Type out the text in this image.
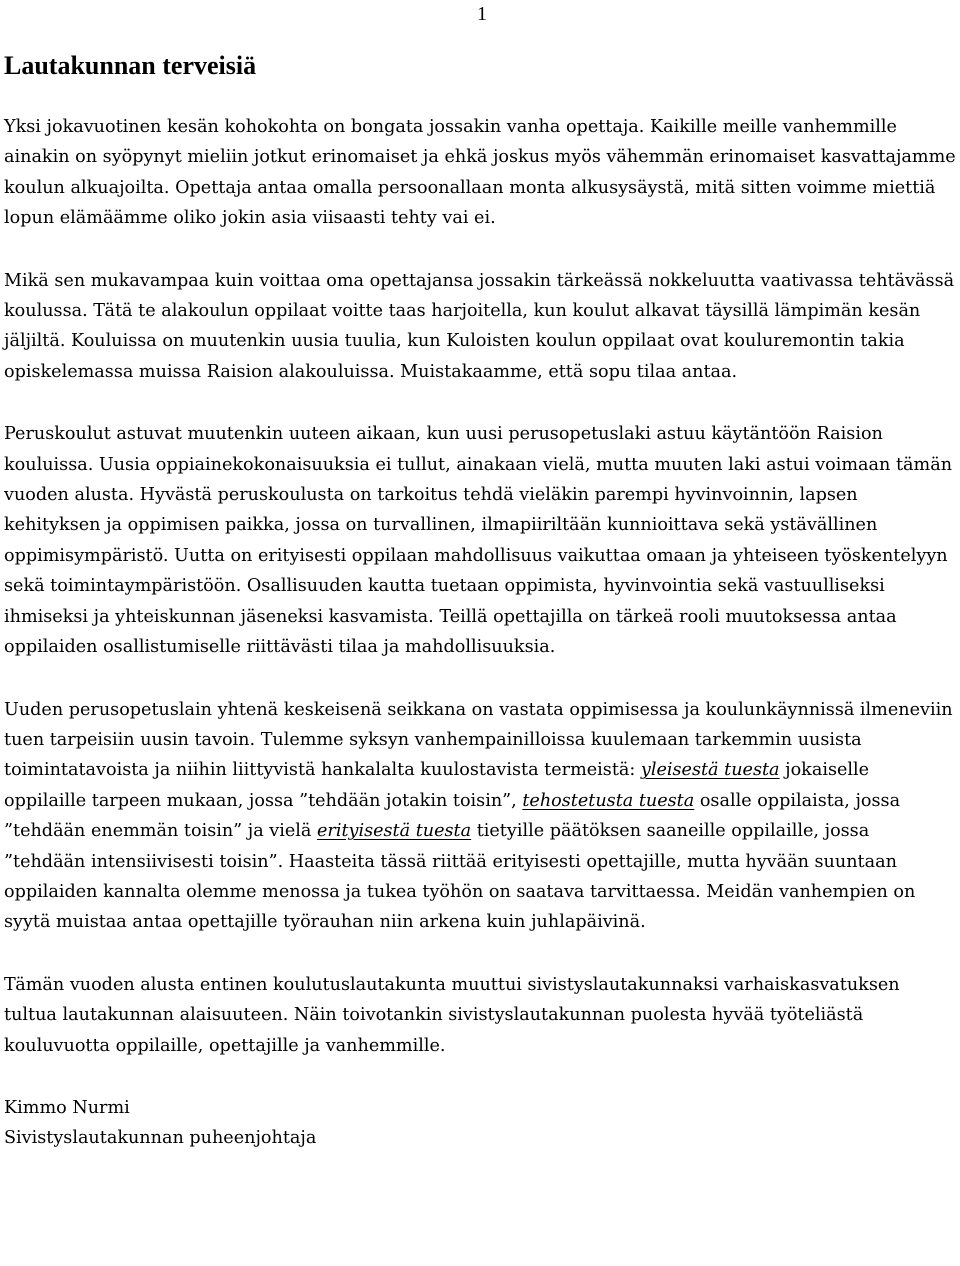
1
Lautakunnan terveisiä

Yksi jokavuotinen kesän kohokohta on bongata jossakin vanha opettaja. Kaikille meille vanhemmille ainakin on syöpynyt mieliin jotkut erinomaiset ja ehkä joskus myös vähemmän erinomaiset kasvattajamme koulun alkuajoilta. Opettaja antaa omalla persoonallaan monta alkusysäystä, mitä sitten voimme miettiä lopun elämäämme oliko jokin asia viisaasti tehty vai ei.

Mikä sen mukavampaa kuin voittaa oma opettajansa jossakin tärkeässä nokkeluutta vaativassa tehtävässä koulussa. Tätä te alakoulun oppilaat voitte taas harjoitella, kun koulut alkavat täysillä lämpimän kesän jäljiltä. Kouluissa on muutenkin uusia tuulia, kun Kuloisten koulun oppilaat ovat kouluremontin takia opiskelemassa muissa Raision alakouluissa. Muistakaamme, että sopu tilaa antaa.

Peruskoulut astuvat muutenkin uuteen aikaan, kun uusi perusopetuslaki astuu käytäntöön Raision kouluissa. Uusia oppiainekokonaisuuksia ei tullut, ainakaan vielä, mutta muuten laki astui voimaan tämän vuoden alusta. Hyvästä peruskoulusta on tarkoitus tehdä vieläkin parempi hyvinvoinnin, lapsen kehityksen ja oppimisen paikka, jossa on turvallinen, ilmapiiriltään kunnioittava sekä ystävällinen oppimisympäristö. Uutta on erityisesti oppilaan mahdollisuus vaikuttaa omaan ja yhteiseen työskentelyyn sekä toimintaympäristöön. Osallisuuden kautta tuetaan oppimista, hyvinvointia sekä vastuulliseksi ihmiseksi ja yhteiskunnan jäseneksi kasvamista. Teillä opettajilla on tärkeä rooli muutoksessa antaa oppilaiden osallistumiselle riittävästi tilaa ja mahdollisuuksia.

Uuden perusopetuslain yhtenä keskeisenä seikkana on vastata oppimisessa ja koulunkäynnissä ilmeneviin tuen tarpeisiin uusin tavoin. Tulemme syksyn vanhempainilloissa kuulemaan tarkemmin uusista toimintatavoista ja niihin liittyvistä hankalalta kuulostavista termeistä: yleisestä tuesta jokaiselle oppilaille tarpeen mukaan, jossa ”tehdään jotakin toisin”, tehostetusta tuesta osalle oppilaista, jossa ”tehdään enemmän toisin” ja vielä erityisestä tuesta tietyille päätöksen saaneille oppilaille, jossa ”tehdään intensiivisesti toisin”. Haasteita tässä riittää erityisesti opettajille, mutta hyvään suuntaan oppilaiden kannalta olemme menossa ja tukea työhön on saatava tarvittaessa. Meidän vanhempien on syytä muistaa antaa opettajille työrauhan niin arkena kuin juhlapäivinä.

Tämän vuoden alusta entinen koulutuslautakunta muuttui sivistyslautakunnaksi varhaiskasvatuksen tultua lautakunnan alaisuuteen. Näin toivotankin sivistyslautakunnan puolesta hyvää työteliästä kouluvuotta oppilaille, opettajille ja vanhemmille.

Kimmo Nurmi
Sivistyslautakunnan puheenjohtaja
